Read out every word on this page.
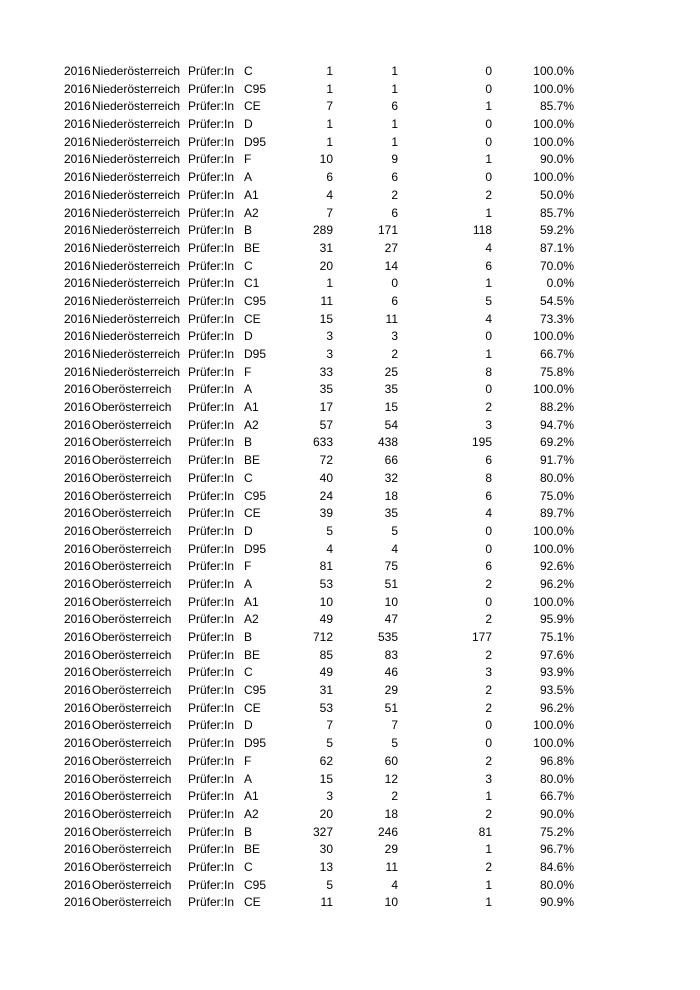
2016 Niederösterreich Prüfer:In C	1	1	0	100.0%
2016 Niederösterreich Prüfer:In C95	1	1	0	100.0%
2016 Niederösterreich Prüfer:In CE	7	6	1	85.7%
2016 Niederösterreich Prüfer:In D	1	1	0	100.0%
2016 Niederösterreich Prüfer:In D95	1	1	0	100.0%
2016 Niederösterreich Prüfer:In F	10	9	1	90.0%
2016 Niederösterreich Prüfer:In A	6	6	0	100.0%
2016 Niederösterreich Prüfer:In A1	4	2	2	50.0%
2016 Niederösterreich Prüfer:In A2	7	6	1	85.7%
2016 Niederösterreich Prüfer:In B	289	171	118	59.2%
2016 Niederösterreich Prüfer:In BE	31	27	4	87.1%
2016 Niederösterreich Prüfer:In C	20	14	6	70.0%
2016 Niederösterreich Prüfer:In C1	1	0	1	0.0%
2016 Niederösterreich Prüfer:In C95	11	6	5	54.5%
2016 Niederösterreich Prüfer:In CE	15	11	4	73.3%
2016 Niederösterreich Prüfer:In D	3	3	0	100.0%
2016 Niederösterreich Prüfer:In D95	3	2	1	66.7%
2016 Niederösterreich Prüfer:In F	33	25	8	75.8%
2016 Oberösterreich	Prüfer:In A	35	35	0	100.0%
2016 Oberösterreich	Prüfer:In A1	17	15	2	88.2%
2016 Oberösterreich	Prüfer:In A2	57	54	3	94.7%
2016 Oberösterreich	Prüfer:In B	633	438	195	69.2%
2016 Oberösterreich	Prüfer:In BE	72	66	6	91.7%
2016 Oberösterreich	Prüfer:In C	40	32	8	80.0%
2016 Oberösterreich	Prüfer:In C95	24	18	6	75.0%
2016 Oberösterreich	Prüfer:In CE	39	35	4	89.7%
2016 Oberösterreich	Prüfer:In D	5	5	0	100.0%
2016 Oberösterreich	Prüfer:In D95	4	4	0	100.0%
2016 Oberösterreich	Prüfer:In F	81	75	6	92.6%
2016 Oberösterreich	Prüfer:In A	53	51	2	96.2%
2016 Oberösterreich	Prüfer:In A1	10	10	0	100.0%
2016 Oberösterreich	Prüfer:In A2	49	47	2	95.9%
2016 Oberösterreich	Prüfer:In B	712	535	177	75.1%
2016 Oberösterreich	Prüfer:In BE	85	83	2	97.6%
2016 Oberösterreich	Prüfer:In C	49	46	3	93.9%
2016 Oberösterreich	Prüfer:In C95	31	29	2	93.5%
2016 Oberösterreich	Prüfer:In CE	53	51	2	96.2%
2016 Oberösterreich	Prüfer:In D	7	7	0	100.0%
2016 Oberösterreich	Prüfer:In D95	5	5	0	100.0%
2016 Oberösterreich	Prüfer:In F	62	60	2	96.8%
2016 Oberösterreich	Prüfer:In A	15	12	3	80.0%
2016 Oberösterreich	Prüfer:In A1	3	2	1	66.7%
2016 Oberösterreich	Prüfer:In A2	20	18	2	90.0%
2016 Oberösterreich	Prüfer:In B	327	246	81	75.2%
2016 Oberösterreich	Prüfer:In BE	30	29	1	96.7%
2016 Oberösterreich	Prüfer:In C	13	11	2	84.6%
2016 Oberösterreich	Prüfer:In C95	5	4	1	80.0%
2016 Oberösterreich	Prüfer:In CE	11	10	1	90.9%
